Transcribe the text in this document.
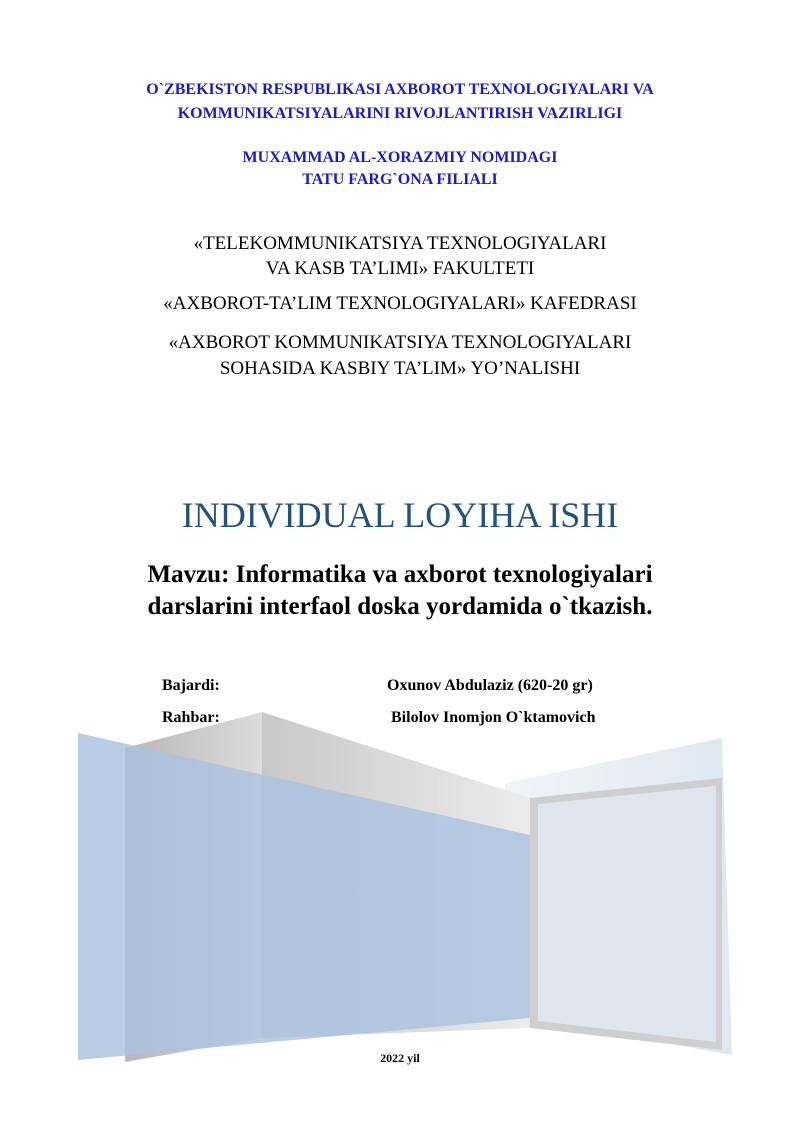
O`ZBEKISTON RESPUBLIKASI AXBOROT TEXNOLOGIYALARI VA
KOMMUNIKATSIYALARINI RIVOJLANTIRISH VAZIRLIGI
MUXAMMAD AL-XORAZMIY NOMIDAGI
TATU FARG`ONA FILIALI
«TELEKOMMUNIKATSIYA TEXNOLOGIYALARI
VA KASB TA’LIMI» FAKULTETI
«AXBOROT-TA’LIM TEXNOLOGIYALARI» KAFEDRASI
«AXBOROT KOMMUNIKATSIYA TEXNOLOGIYALARI
SOHASIDA KASBIY TA’LIM» YO’NALISHI
INDIVIDUAL LOYIHA ISHI
Mavzu: Informatika va axborot texnologiyalari
darslarini interfaol doska yordamida o`tkazish.
Bajardi:	Oxunov Abdulaziz (620-20 gr)
Rahbar:	Bilolov Inomjon O`ktamovich
2022 yil
